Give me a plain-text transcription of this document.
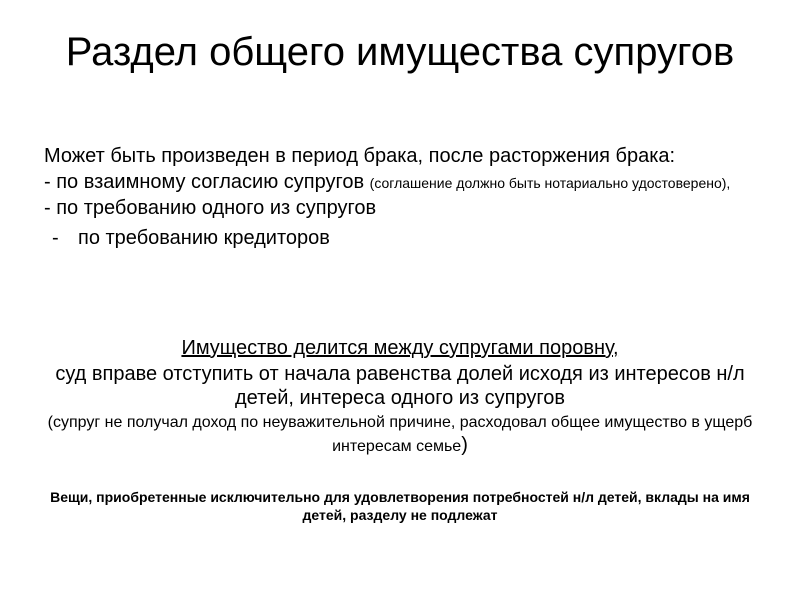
Раздел общего имущества супругов
Может быть произведен в период брака, после расторжения брака:
- по взаимному согласию супругов (соглашение должно быть нотариально удостоверено),
- по требованию одного из супругов
- по требованию кредиторов
Имущество делится между супругами поровну,
суд вправе отступить от начала равенства долей исходя из интересов н/л детей, интереса одного из супругов
(супруг не получал доход по неуважительной причине, расходовал общее имущество в ущерб интересам семье)
Вещи, приобретенные исключительно для удовлетворения потребностей н/л детей, вклады на имя детей, разделу не подлежат
